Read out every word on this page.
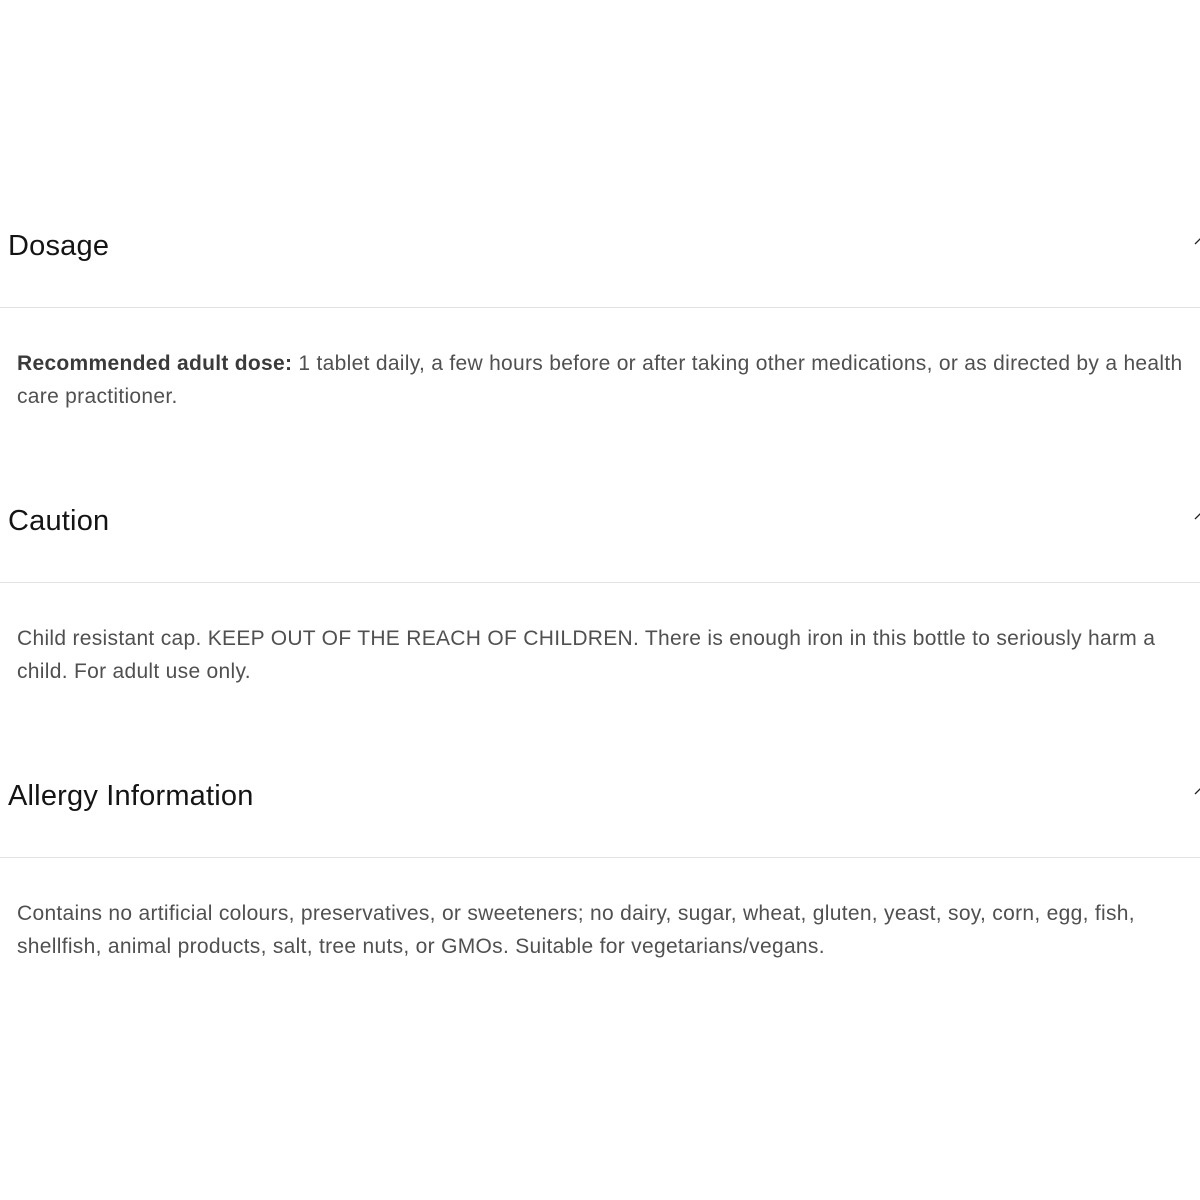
Dosage

Recommended adult dose: 1 tablet daily, a few hours before or after taking other medications, or as directed by a health care practitioner.

Caution

Child resistant cap. KEEP OUT OF THE REACH OF CHILDREN. There is enough iron in this bottle to seriously harm a child. For adult use only.

Allergy Information

Contains no artificial colours, preservatives, or sweeteners; no dairy, sugar, wheat, gluten, yeast, soy, corn, egg, fish, shellfish, animal products, salt, tree nuts, or GMOs. Suitable for vegetarians/vegans.
